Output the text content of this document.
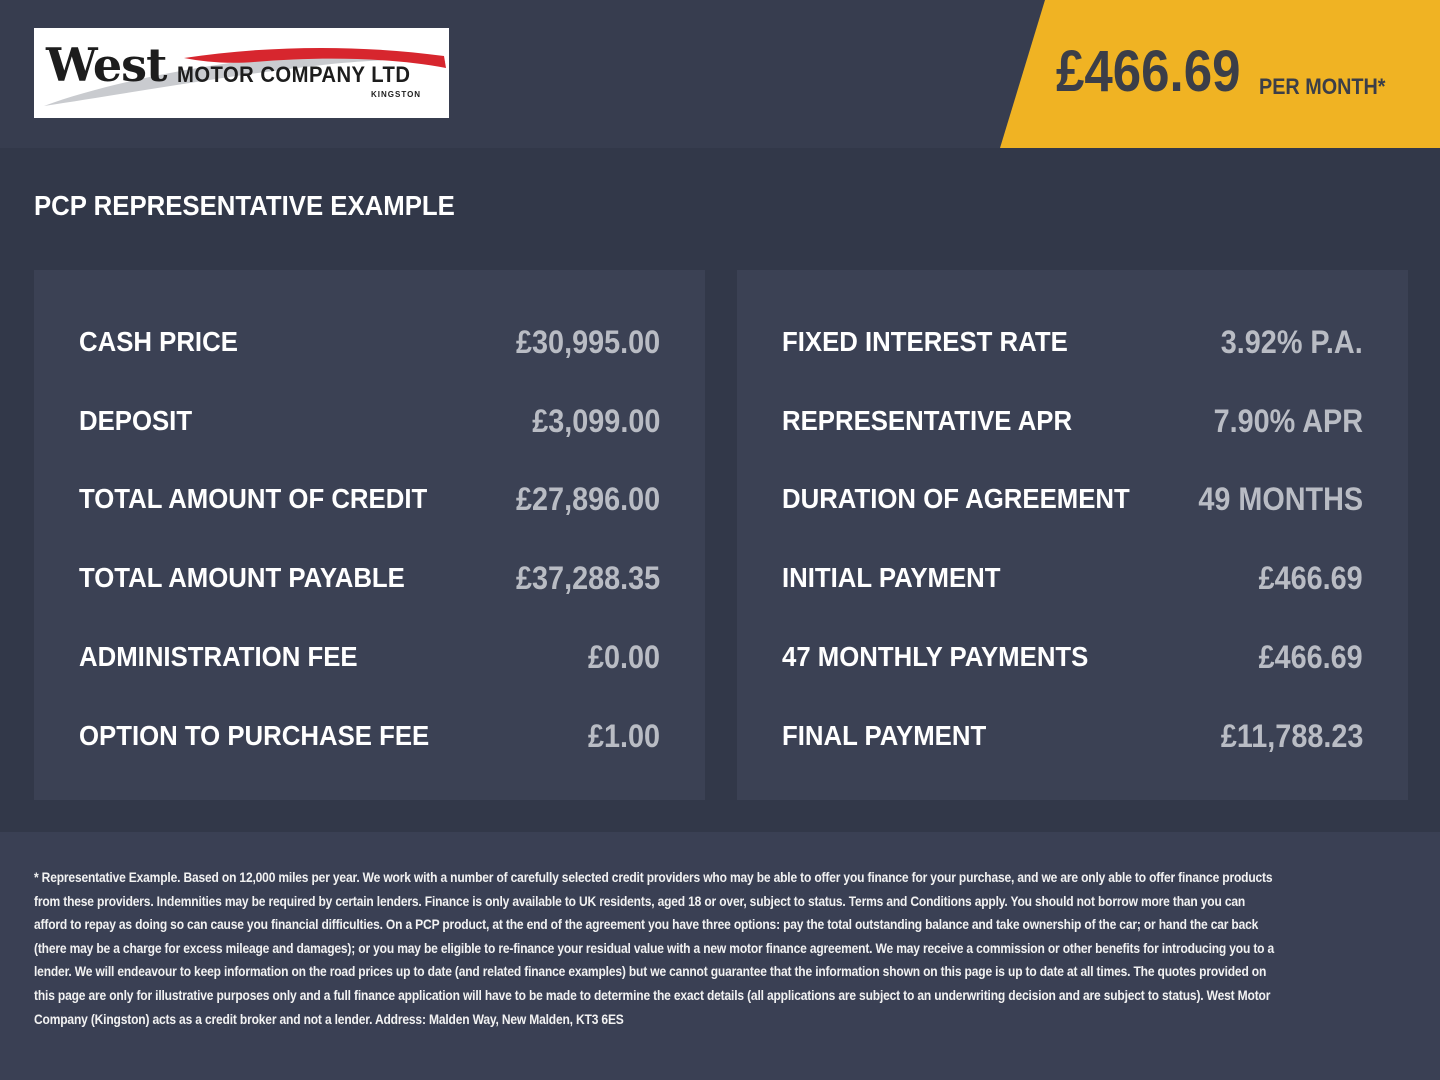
West MOTOR COMPANY LTD
KINGSTON	£466.69 PER MONTH*
PCP REPRESENTATIVE EXAMPLE
CASH PRICE	£30,995.00
DEPOSIT	£3,099.00
TOTAL AMOUNT OF CREDIT	£27,896.00
TOTAL AMOUNT PAYABLE	£37,288.35
ADMINISTRATION FEE	£0.00
OPTION TO PURCHASE FEE	£1.00
FIXED INTEREST RATE	3.92% P.A.
REPRESENTATIVE APR	7.90% APR
DURATION OF AGREEMENT 49 MONTHS
INITIAL PAYMENT	£466.69
47 MONTHLY PAYMENTS	£466.69
FINAL PAYMENT	£11,788.23

* Representative Example. Based on 12,000 miles per year. We work with a number of carefully selected credit providers who may be able to offer you finance for your purchase, and we are only able to offer finance products from these providers. Indemnities may be required by certain lenders. Finance is only available to UK residents, aged 18 or over, subject to status. Terms and Conditions apply. You should not borrow more than you can afford to repay as doing so can cause you financial difficulties. On a PCP product, at the end of the agreement you have three options: pay the total outstanding balance and take ownership of the car; or hand the car back (there may be a charge for excess mileage and damages); or you may be eligible to re-finance your residual value with a new motor finance agreement. We may receive a commission or other benefits for introducing you to a lender. We will endeavour to keep information on the road prices up to date (and related finance examples) but we cannot guarantee that the information shown on this page is up to date at all times. The quotes provided on this page are only for illustrative purposes only and a full finance application will have to be made to determine the exact details (all applications are subject to an underwriting decision and are subject to status). West Motor Company (Kingston) acts as a credit broker and not a lender. Address: Malden Way, New Malden, KT3 6ES
